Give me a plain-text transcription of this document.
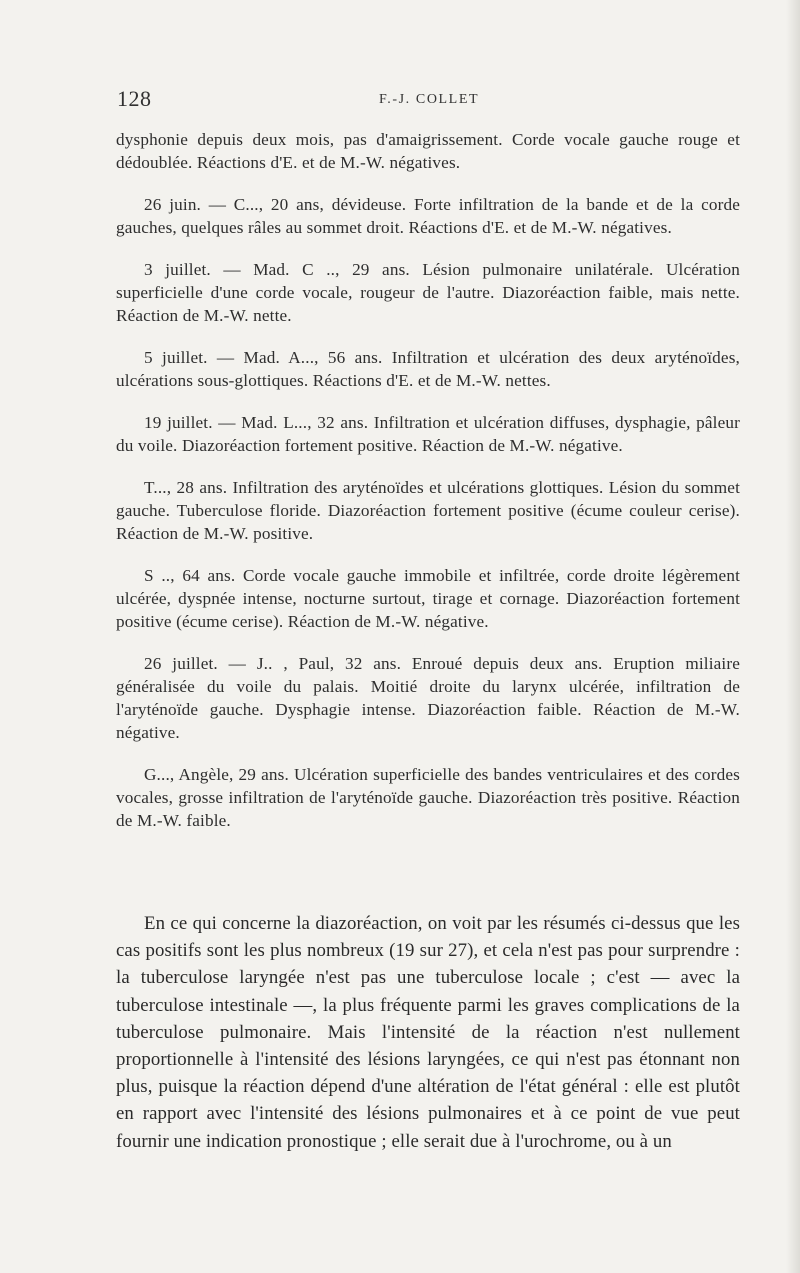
128	F.-J. COLLET

dysphonie depuis deux mois, pas d'amaigrissement. Corde vocale gauche rouge et dédoublée. Réactions d'E. et de M.-W. négatives.

26 juin. — C..., 20 ans, dévideuse. Forte infiltration de la bande et de la corde gauches, quelques râles au sommet droit. Réactions d'E. et de M.-W. négatives.

3 juillet. — Mad. C .., 29 ans. Lésion pulmonaire unilatérale. Ulcération superficielle d'une corde vocale, rougeur de l'autre. Diazoréaction faible, mais nette. Réaction de M.-W. nette.

5 juillet. — Mad. A..., 56 ans. Infiltration et ulcération des deux aryténoïdes, ulcérations sous-glottiques. Réactions d'E. et de M.-W. nettes.

19 juillet. — Mad. L..., 32 ans. Infiltration et ulcération diffuses, dysphagie, pâleur du voile. Diazoréaction fortement positive. Réaction de M.-W. négative.

T..., 28 ans. Infiltration des aryténoïdes et ulcérations glottiques. Lésion du sommet gauche. Tuberculose floride. Diazoréaction fortement positive (écume couleur cerise). Réaction de M.-W. positive.

S .., 64 ans. Corde vocale gauche immobile et infiltrée, corde droite légèrement ulcérée, dyspnée intense, nocturne surtout, tirage et cornage. Diazoréaction fortement positive (écume cerise). Réaction de M.-W. négative.

26 juillet. — J.. , Paul, 32 ans. Enroué depuis deux ans. Eruption miliaire généralisée du voile du palais. Moitié droite du larynx ulcérée, infiltration de l'aryténoïde gauche. Dysphagie intense. Diazoréaction faible. Réaction de M.-W. négative.

G..., Angèle, 29 ans. Ulcération superficielle des bandes ventriculaires et des cordes vocales, grosse infiltration de l'aryténoïde gauche. Diazoréaction très positive. Réaction de M.-W. faible.

En ce qui concerne la diazoréaction, on voit par les résumés ci-dessus que les cas positifs sont les plus nombreux (19 sur 27), et cela n'est pas pour surprendre : la tuberculose laryngée n'est pas une tuberculose locale ; c'est — avec la tuberculose intestinale —, la plus fréquente parmi les graves complications de la tuberculose pulmonaire. Mais l'intensité de la réaction n'est nullement proportionnelle à l'intensité des lésions laryngées, ce qui n'est pas étonnant non plus, puisque la réaction dépend d'une altération de l'état général : elle est plutôt en rapport avec l'intensité des lésions pulmonaires et à ce point de vue peut fournir une indication pronostique ; elle serait due à l'urochrome, ou à un
